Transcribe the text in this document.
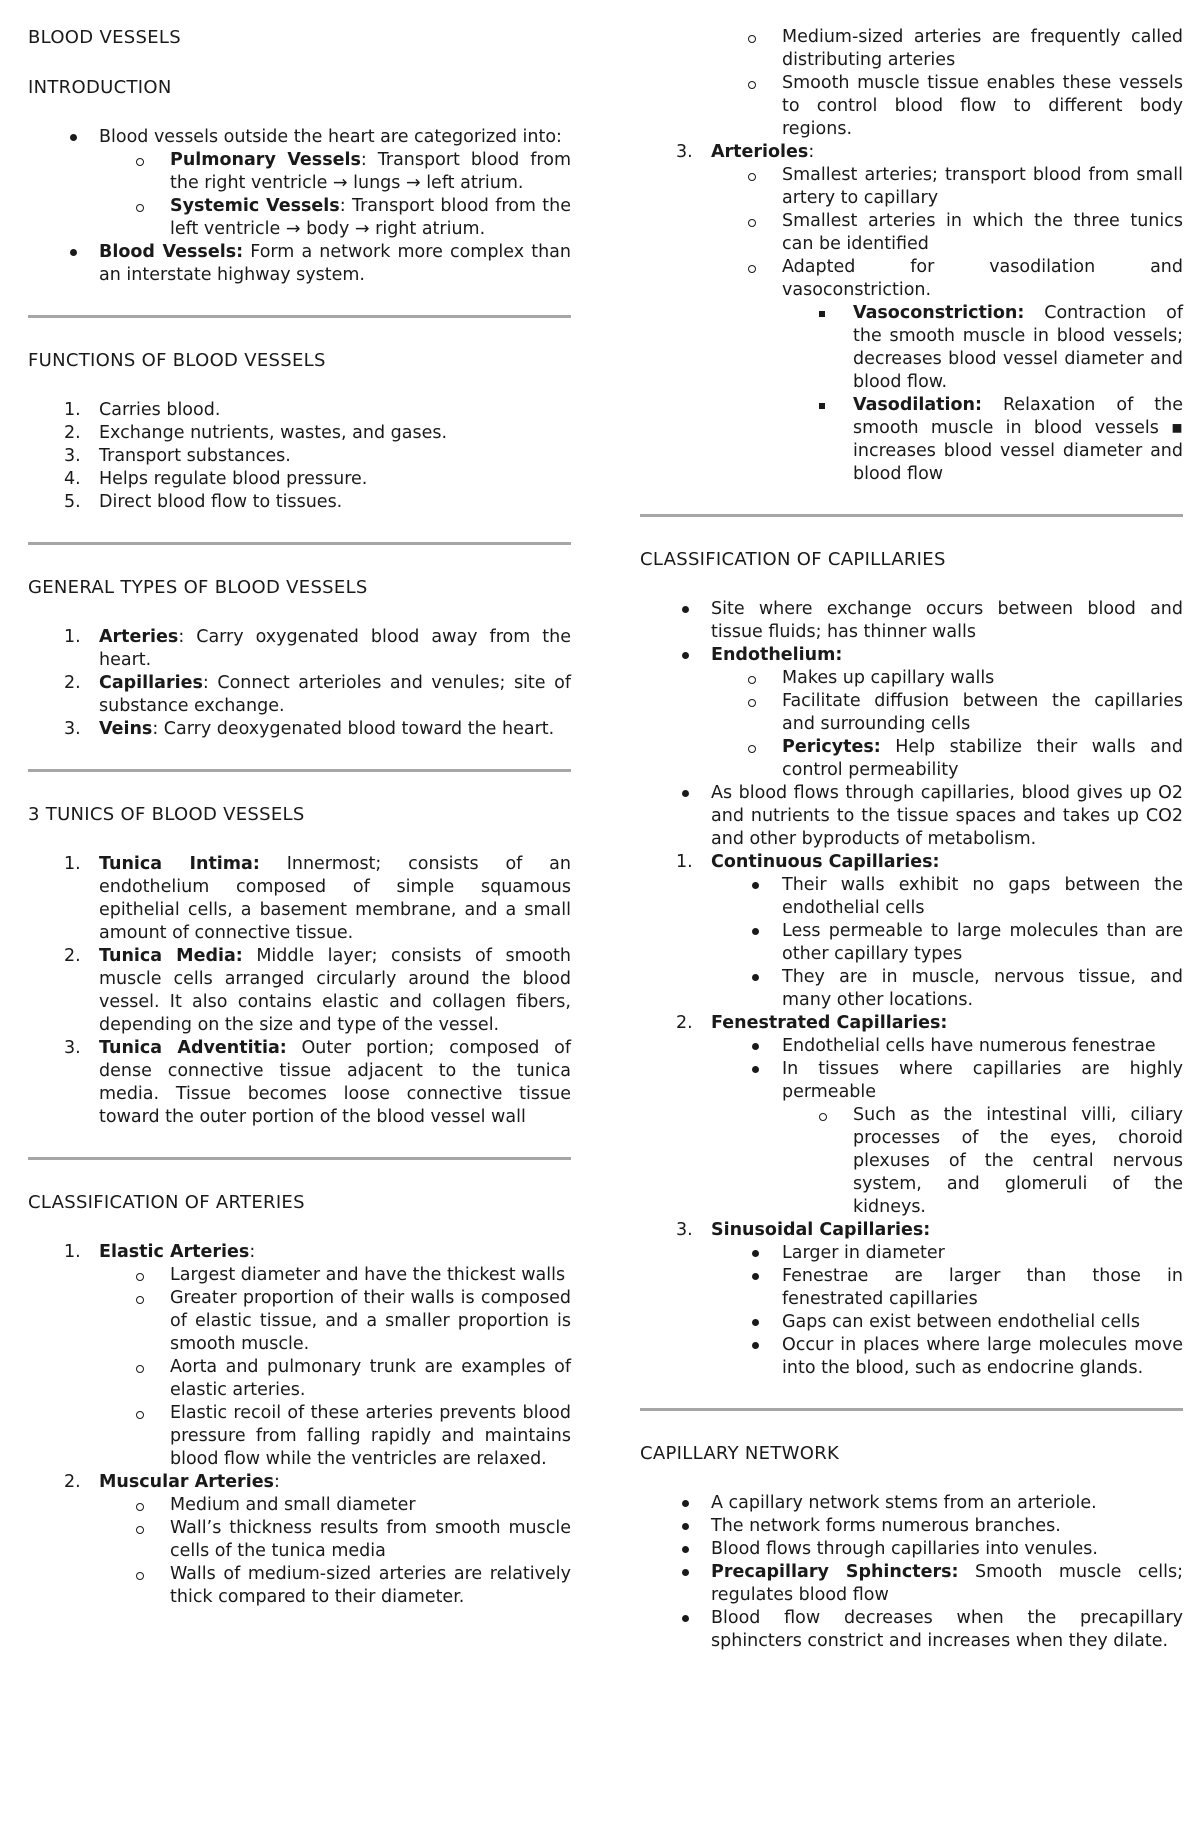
BLOOD VESSELS
INTRODUCTION
Blood vessels outside the heart are categorized into:
Pulmonary Vessels: Transport blood from the right ventricle → lungs → left atrium.
Systemic Vessels: Transport blood from the left ventricle → body → right atrium.
Blood Vessels: Form a network more complex than an interstate highway system.
FUNCTIONS OF BLOOD VESSELS
1. Carries blood.
2. Exchange nutrients, wastes, and gases.
3. Transport substances.
4. Helps regulate blood pressure.
5. Direct blood flow to tissues.
GENERAL TYPES OF BLOOD VESSELS
1. Arteries: Carry oxygenated blood away from the heart.
2. Capillaries: Connect arterioles and venules; site of substance exchange.
3. Veins: Carry deoxygenated blood toward the heart.
3 TUNICS OF BLOOD VESSELS
1. Tunica Intima: Innermost; consists of an endothelium composed of simple squamous epithelial cells, a basement membrane, and a small amount of connective tissue.
2. Tunica Media: Middle layer; consists of smooth muscle cells arranged circularly around the blood vessel. It also contains elastic and collagen fibers, depending on the size and type of the vessel.
3. Tunica Adventitia: Outer portion; composed of dense connective tissue adjacent to the tunica media. Tissue becomes loose connective tissue toward the outer portion of the blood vessel wall
CLASSIFICATION OF ARTERIES
1. Elastic Arteries:
Largest diameter and have the thickest walls
Greater proportion of their walls is composed of elastic tissue, and a smaller proportion is smooth muscle.
Aorta and pulmonary trunk are examples of elastic arteries.
Elastic recoil of these arteries prevents blood pressure from falling rapidly and maintains blood flow while the ventricles are relaxed.
2. Muscular Arteries:
Medium and small diameter
Wall’s thickness results from smooth muscle cells of the tunica media
Walls of medium-sized arteries are relatively thick compared to their diameter.
Medium-sized arteries are frequently called distributing arteries
Smooth muscle tissue enables these vessels to control blood flow to different body regions.
3. Arterioles:
Smallest arteries; transport blood from small artery to capillary
Smallest arteries in which the three tunics can be identified
Adapted for vasodilation and vasoconstriction.
Vasoconstriction: Contraction of the smooth muscle in blood vessels; decreases blood vessel diameter and blood flow.
Vasodilation: Relaxation of the smooth muscle in blood vessels ▪ increases blood vessel diameter and blood flow
CLASSIFICATION OF CAPILLARIES
Site where exchange occurs between blood and tissue fluids; has thinner walls
Endothelium:
Makes up capillary walls
Facilitate diffusion between the capillaries and surrounding cells
Pericytes: Help stabilize their walls and control permeability
As blood flows through capillaries, blood gives up O2 and nutrients to the tissue spaces and takes up CO2 and other byproducts of metabolism.
1. Continuous Capillaries:
Their walls exhibit no gaps between the endothelial cells
Less permeable to large molecules than are other capillary types
They are in muscle, nervous tissue, and many other locations.
2. Fenestrated Capillaries:
Endothelial cells have numerous fenestrae
In tissues where capillaries are highly permeable
Such as the intestinal villi, ciliary processes of the eyes, choroid plexuses of the central nervous system, and glomeruli of the kidneys.
3. Sinusoidal Capillaries:
Larger in diameter
Fenestrae are larger than those in fenestrated capillaries
Gaps can exist between endothelial cells
Occur in places where large molecules move into the blood, such as endocrine glands.
CAPILLARY NETWORK
A capillary network stems from an arteriole.
The network forms numerous branches.
Blood flows through capillaries into venules.
Precapillary Sphincters: Smooth muscle cells; regulates blood flow
Blood flow decreases when the precapillary sphincters constrict and increases when they dilate.
